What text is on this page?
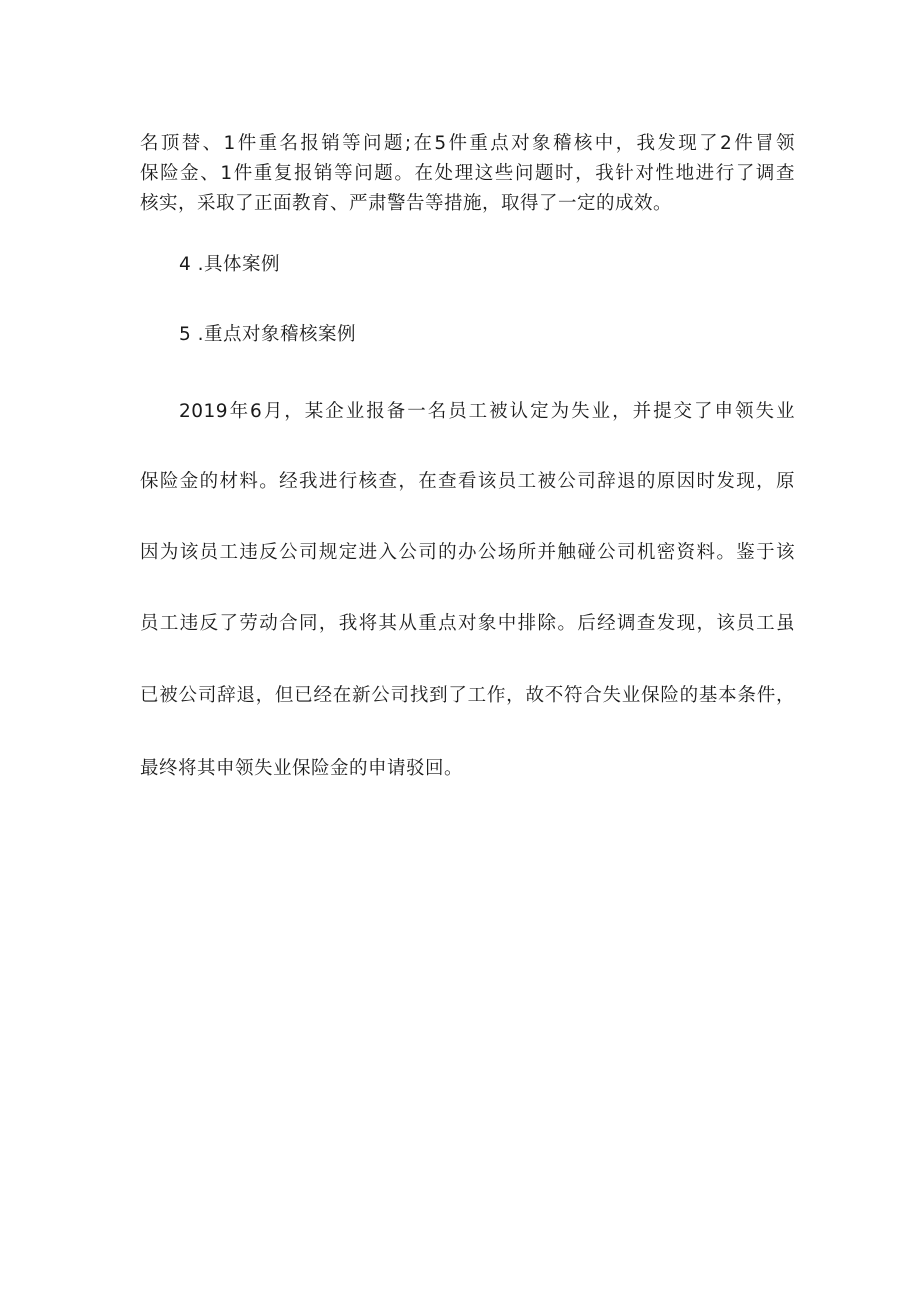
名顶替、1件重名报销等问题;在5件重点对象稽核中，我发现了2件冒领
保险金、1件重复报销等问题。在处理这些问题时，我针对性地进行了调查
核实，采取了正面教育、严肃警告等措施，取得了一定的成效。
4 .具体案例
5 .重点对象稽核案例
2019年6月，某企业报备一名员工被认定为失业，并提交了申领失业
保险金的材料。经我进行核查，在查看该员工被公司辞退的原因时发现，原
因为该员工违反公司规定进入公司的办公场所并触碰公司机密资料。鉴于该
员工违反了劳动合同，我将其从重点对象中排除。后经调查发现，该员工虽
已被公司辞退，但已经在新公司找到了工作，故不符合失业保险的基本条件，
最终将其申领失业保险金的申请驳回。
